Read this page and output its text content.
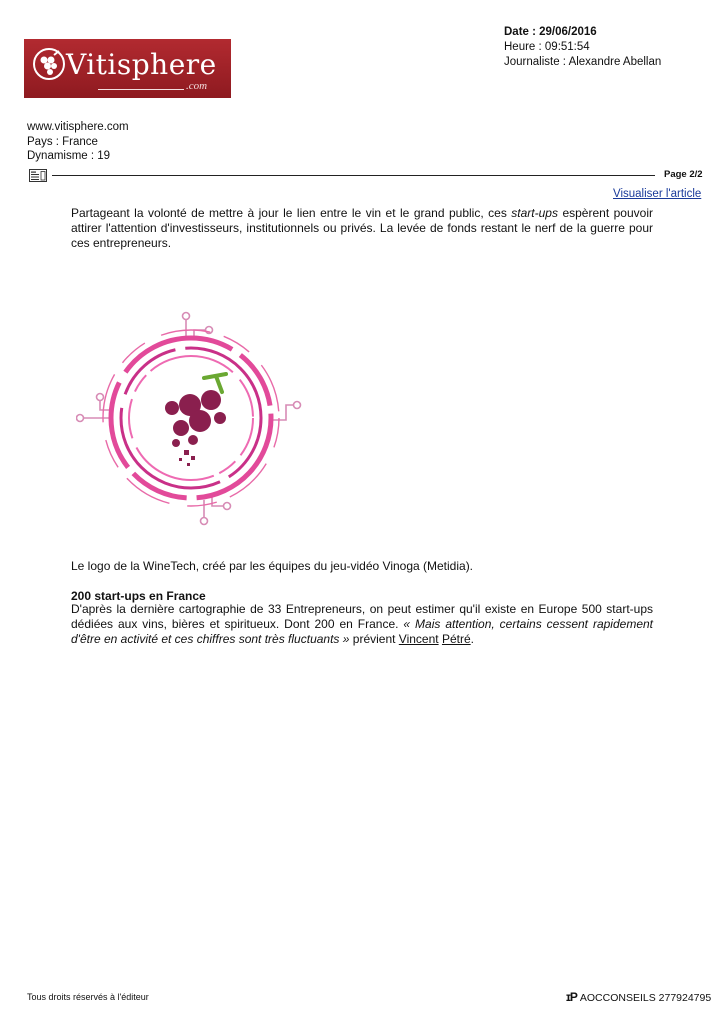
Vitisphere
.com
Date : 29/06/2016
Heure : 09:51:54
Journaliste : Alexandre Abellan
www.vitisphere.com
Pays : France
Dynamisme : 19
Page 2/2
Visualiser l'article
Partageant la volonté de mettre à jour le lien entre le vin et le grand public, ces start-ups espèrent pouvoir attirer l'attention d'investisseurs, institutionnels ou privés. La levée de fonds restant le nerf de la guerre pour ces entrepreneurs.
Le logo de la WineTech, créé par les équipes du jeu-vidéo Vinoga (Metidia).
200 start-ups en France
D'après la dernière cartographie de 33 Entrepreneurs, on peut estimer qu'il existe en Europe 500 start-ups dédiées aux vins, bières et spiritueux. Dont 200 en France. « Mais attention, certains cessent rapidement d'être en activité et ces chiffres sont très fluctuants » prévient Vincent Pétré.
Tous droits réservés à l'éditeur	ɪP AOCCONSEILS 277924795
